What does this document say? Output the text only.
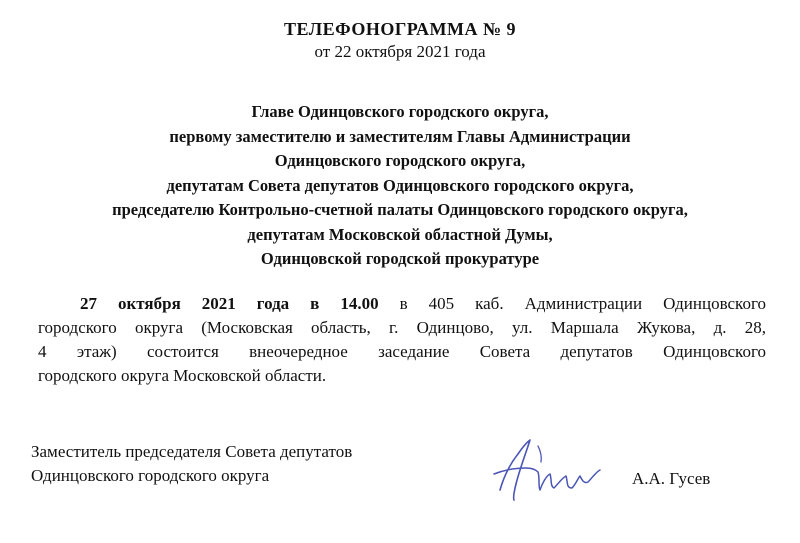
ТЕЛЕФОНОГРАММА № 9
от 22 октября 2021 года
Главе Одинцовского городского округа,
первому заместителю и заместителям Главы Администрации
Одинцовского городского округа,
депутатам Совета депутатов Одинцовского городского округа,
председателю Контрольно-счетной палаты Одинцовского городского округа,
депутатам Московской областной Думы,
Одинцовской городской прокуратуре
27 октября 2021 года в 14.00 в 405 каб. Администрации Одинцовского
городского округа (Московская область, г. Одинцово, ул. Маршала Жукова, д. 28,
4 этаж) состоится внеочередное заседание Совета депутатов Одинцовского
городского округа Московской области.
Заместитель председателя Совета депутатов
Одинцовского городского округа	А.А. Гусев
